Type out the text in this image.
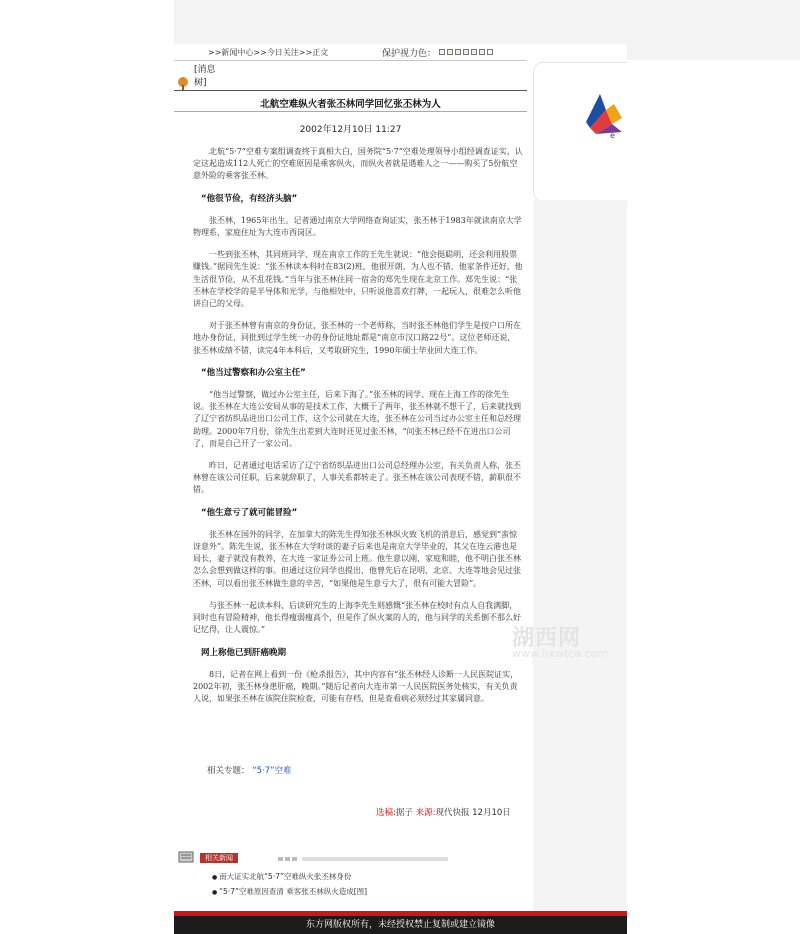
e
>>新闻中心>>今日关注>>正文	保护视力色：
[消息树]
北航空难纵火者张丕林同学回忆张丕林为人
2002年12月10日 11:27

北航“5·7”空难专案组调查终于真相大白，国务院“5·7”空难处理领导小组经调查证实，认定这起造成112人死亡的空难原因是乘客纵火，而纵火者就是遇难人之一——购买了5份航空意外险的乘客张丕林。

“他很节俭，有经济头脑”

张丕林，1965年出生。记者通过南京大学网络查询证实，张丕林于1983年就读南京大学物理系，家庭住址为大连市西岗区。

一些到张丕林，其同班同学、现在南京工作的王先生就说：“他会挺聪明，还会利用股票赚钱。”据同先生说：“张丕林读本科时在83(2)班，他很开朗，为人也不错，他家条件还好，他生活很节俭，从不乱花钱。”当年与张丕林住同一宿舍的郑先生现在北京工作。郑先生说：“张丕林在学校学的是半导体和光学，与他相处中，只听说他喜欢打牌，一起玩人，很难怎么听他讲自己的父母。

对于张丕林曾有南京的身份证，张丕林的一个老师称，当时张丕林他们学生是按户口所在地办身份证，同批到过学生统一办的身份证地址都是“南京市汉口路22号”。这位老师还说，张丕林成绩不错，读完4年本科后，又考取研究生，1990年硕士毕业回大连工作。

“他当过警察和办公室主任”

“他当过警察，做过办公室主任，后来下海了。”张丕林的同学、现在上海工作的徐先生说。张丕林在大连公安局从事的是技术工作，大概干了两年，张丕林就不想干了，后来就找到了辽宁省纺织品进出口公司工作，这个公司就在大连，张丕林在公司当过办公室主任和总经理助理。2000年7月份，徐先生出差到大连时还见过张丕林，“问张丕林已经不在进出口公司了，而是自己开了一家公司。

昨日，记者通过电话采访了辽宁省纺织品进出口公司总经理办公室，有关负责人称，张丕林曾在该公司任职，后来就辞职了，人事关系都转走了。张丕林在该公司表现不错，薪职很不错。

“他生意亏了就可能冒险”

张丕林在国外的同学，在加拿大的陈先生得知张丕林纵火致飞机的消息后，感觉到“蛮惊讶意外”。陈先生说，张丕林在大学时谈的妻子后来也是南京大学毕业的，其父在连云港也是局长，妻子就没有教养，在大连一家证券公司上班。他生意以刚，家庭和睦，他不明白张丕林怎么会想到做这样的事。但通过这位同学也提出，他曾先后在昆明、北京、大连等地会见过张丕林，可以看出张丕林做生意的辛苦，“如果他是生意亏大了，很有可能大冒险”。

与张丕林一起读本科、后读研究生的上海李先生则感慨“张丕林在校时有点人自我满脚，同时也有冒险精神，他长得瘦弱瘦高个，但是作了纵火案的人的，他与同学的关系倒不那么好记忆得，让人震惊。”

网上称他已到肝癌晚期

8日，记者在网上看到一份《枪杀报告》，其中内容有“张丕林经人诊断一人民医院证实，2002年初，张丕林身患肝癌，晚期。”随后记者向大连市第一人民医院医务处核实，有关负责人说，如果张丕林在该院住院检查，可能有存档，但是查看病必须经过其家属同意。

相关专题： “5·7”空难
选稿:据子 来源:现代快报 12月10日
湖西网
www.hxwtca.com
相关新闻
● 南大证实北航“5·7”空难纵火张丕林身份
● “5·7”空难原因查清 乘客张丕林纵火造成[图]
东方网版权所有，未经授权禁止复制或建立镜像
